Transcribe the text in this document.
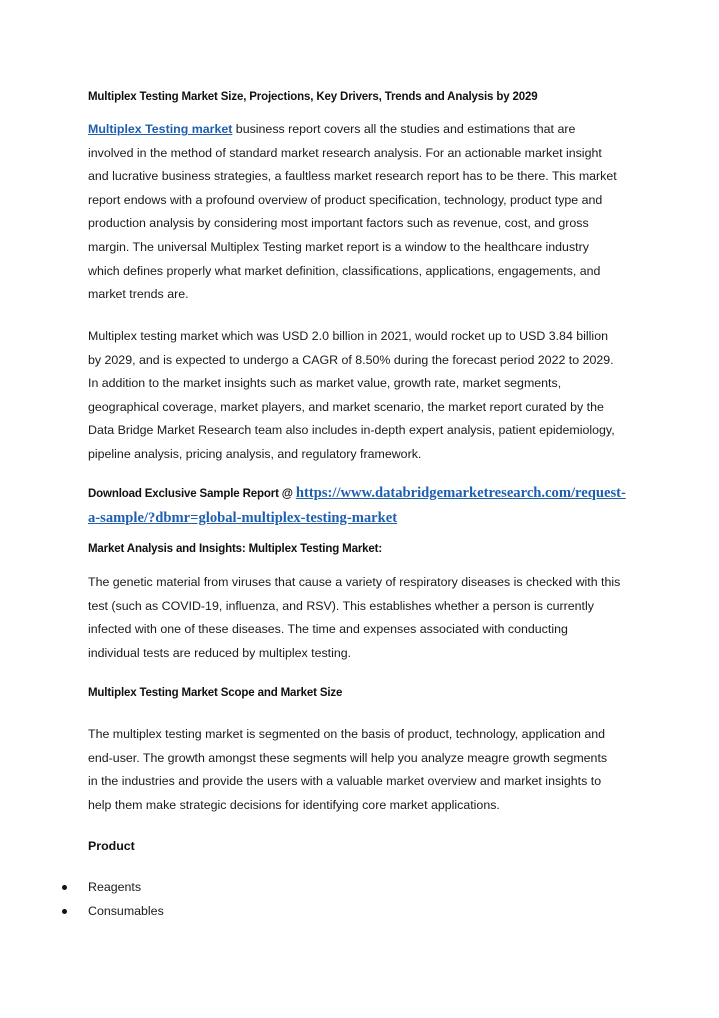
Multiplex Testing Market Size, Projections, Key Drivers, Trends and Analysis by 2029
Multiplex Testing market business report covers all the studies and estimations that are
involved in the method of standard market research analysis. For an actionable market insight
and lucrative business strategies, a faultless market research report has to be there. This market
report endows with a profound overview of product specification, technology, product type and
production analysis by considering most important factors such as revenue, cost, and gross
margin. The universal Multiplex Testing market report is a window to the healthcare industry
which defines properly what market definition, classifications, applications, engagements, and
market trends are.
Multiplex testing market which was USD 2.0 billion in 2021, would rocket up to USD 3.84 billion
by 2029, and is expected to undergo a CAGR of 8.50% during the forecast period 2022 to 2029.
In addition to the market insights such as market value, growth rate, market segments,
geographical coverage, market players, and market scenario, the market report curated by the
Data Bridge Market Research team also includes in-depth expert analysis, patient epidemiology,
pipeline analysis, pricing analysis, and regulatory framework.
Download Exclusive Sample Report @ https://www.databridgemarketresearch.com/request-
a-sample/?dbmr=global-multiplex-testing-market
Market Analysis and Insights: Multiplex Testing Market:
The genetic material from viruses that cause a variety of respiratory diseases is checked with this
test (such as COVID-19, influenza, and RSV). This establishes whether a person is currently
infected with one of these diseases. The time and expenses associated with conducting
individual tests are reduced by multiplex testing.
Multiplex Testing Market Scope and Market Size
The multiplex testing market is segmented on the basis of product, technology, application and
end-user. The growth amongst these segments will help you analyze meagre growth segments
in the industries and provide the users with a valuable market overview and market insights to
help them make strategic decisions for identifying core market applications.
Product
Reagents
Consumables
